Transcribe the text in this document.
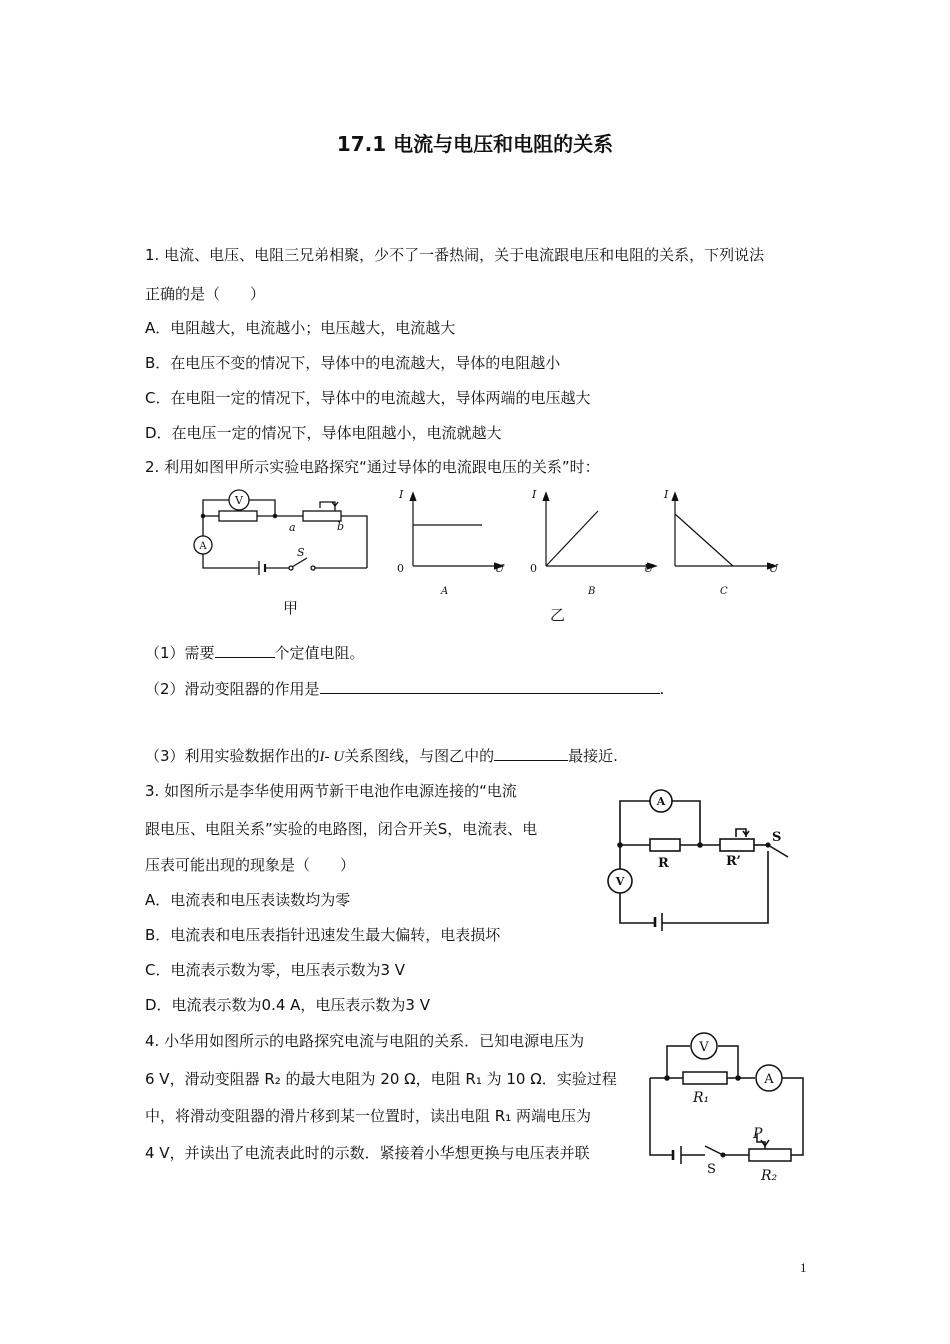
17.1 电流与电压和电阻的关系
1. 电流、电压、电阻三兄弟相聚，少不了一番热闹，关于电流跟电压和电阻的关系，下列说法
正确的是（　　）
A．电阻越大，电流越小；电压越大，电流越大
B．在电压不变的情况下，导体中的电流越大，导体的电阻越小
C．在电阻一定的情况下，导体中的电流越大，导体两端的电压越大
D．在电压一定的情况下，导体电阻越小，电流就越大
2. 利用如图甲所示实验电路探究“通过导体的电流跟电压的关系”时：
V
a	b
A	S
甲
I
0	U
A
I
0	U
B
I
U
C
乙
（1）需要	个定值电阻。
（2）滑动变阻器的作用是	.
（3）利用实验数据作出的I- U关系图线，与图乙中的	最接近.
3. 如图所示是李华使用两节新干电池作电源连接的“电流
跟电压、电阻关系”实验的电路图，闭合开关S，电流表、电
压表可能出现的现象是（　　）
A．电流表和电压表读数均为零
B．电流表和电压表指针迅速发生最大偏转，电表损坏
C．电流表示数为零，电压表示数为3 V
D．电流表示数为0.4 A，电压表示数为3 V
A
V
R	R’
S
4. 小华用如图所示的电路探究电流与电阻的关系．已知电源电压为
6 V，滑动变阻器 R₂ 的最大电阻为 20 Ω，电阻 R₁ 为 10 Ω．实验过程
中，将滑动变阻器的滑片移到某一位置时，读出电阻 R₁ 两端电压为
4 V，并读出了电流表此时的示数．紧接着小华想更换与电压表并联
V
A
R₁
P
S	R₂
1
